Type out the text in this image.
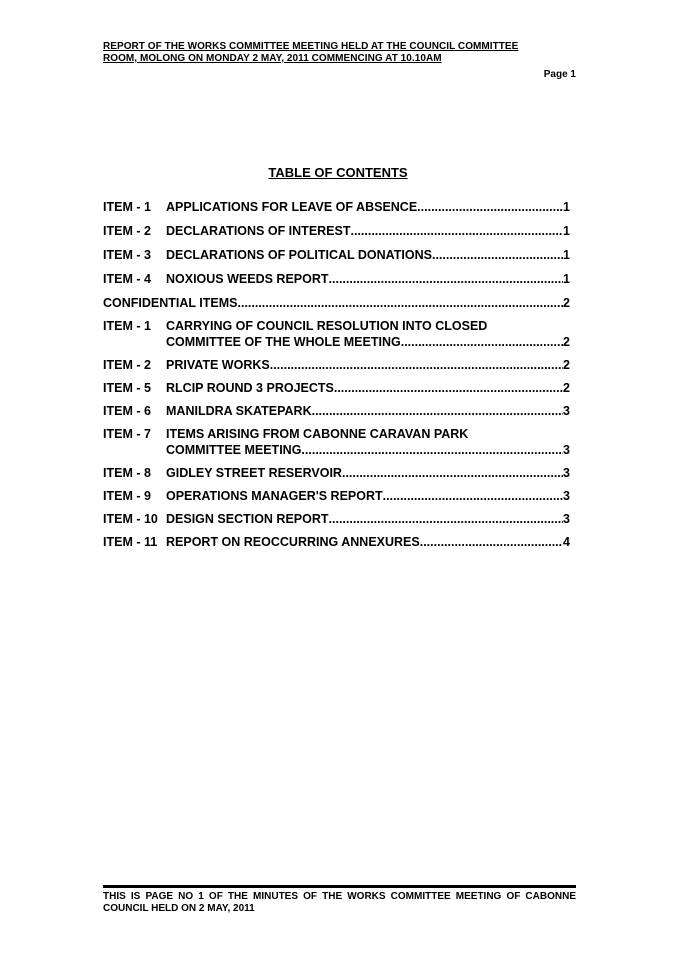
REPORT OF THE WORKS COMMITTEE MEETING HELD AT THE COUNCIL COMMITTEE
ROOM, MOLONG ON MONDAY 2 MAY, 2011 COMMENCING AT 10.10AM
Page 1
TABLE OF CONTENTS
ITEM - 1 APPLICATIONS FOR LEAVE OF ABSENCE .....	1
ITEM - 2 DECLARATIONS OF INTEREST .....	1
ITEM - 3 DECLARATIONS OF POLITICAL DONATIONS .....	1
ITEM - 4 NOXIOUS WEEDS REPORT .....	1
CONFIDENTIAL ITEMS .....	2
ITEM - 1 CARRYING OF COUNCIL RESOLUTION INTO CLOSED
COMMITTEE OF THE WHOLE MEETING .....	2
ITEM - 2 PRIVATE WORKS .....	2
ITEM - 5 RLCIP ROUND 3 PROJECTS .....	2
ITEM - 6 MANILDRA SKATEPARK .....	3
ITEM - 7 ITEMS ARISING FROM CABONNE CARAVAN PARK
COMMITTEE MEETING .....	3
ITEM - 8 GIDLEY STREET RESERVOIR .....	3
ITEM - 9 OPERATIONS MANAGER'S REPORT .....	3
ITEM - 10 DESIGN SECTION REPORT .....	3
ITEM - 11 REPORT ON REOCCURRING ANNEXURES .....	4
THIS IS PAGE NO 1 OF THE MINUTES OF THE WORKS COMMITTEE MEETING OF CABONNE COUNCIL HELD ON 2 MAY, 2011
